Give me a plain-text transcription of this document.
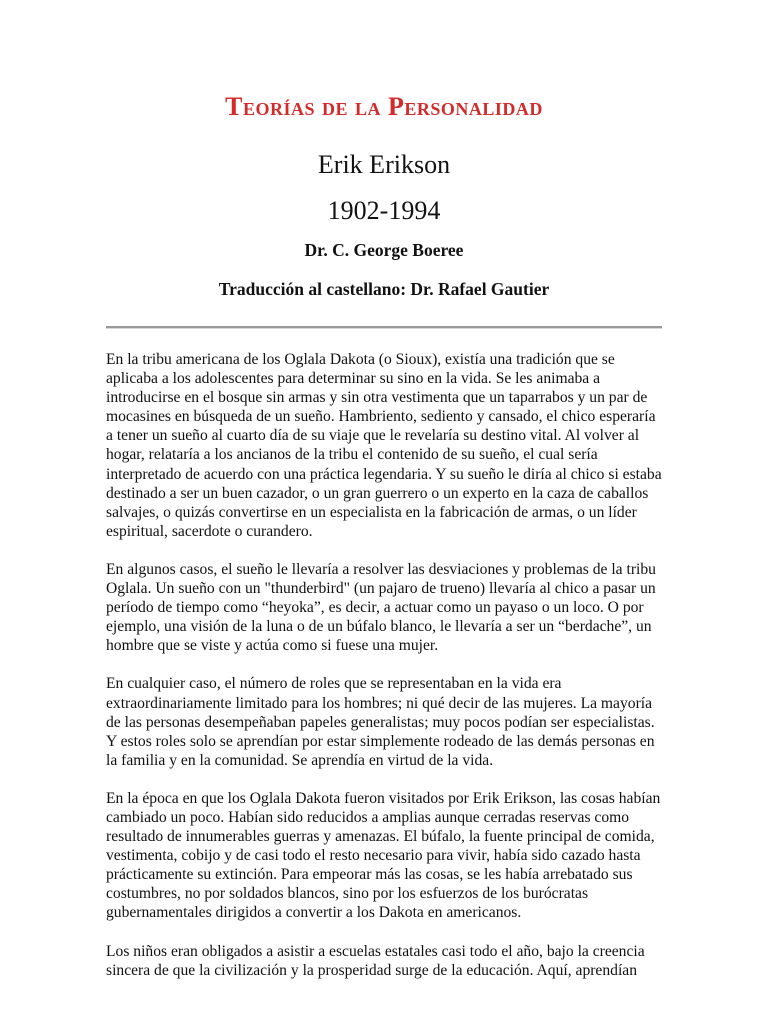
Teorías de la Personalidad
Erik Erikson
1902-1994
Dr. C. George Boeree
Traducción al castellano: Dr. Rafael Gautier

En la tribu americana de los Oglala Dakota (o Sioux), existía una tradición que se aplicaba a los adolescentes para determinar su sino en la vida. Se les animaba a introducirse en el bosque sin armas y sin otra vestimenta que un taparrabos y un par de mocasines en búsqueda de un sueño. Hambriento, sediento y cansado, el chico esperaría a tener un sueño al cuarto día de su viaje que le revelaría su destino vital. Al volver al hogar, relataría a los ancianos de la tribu el contenido de su sueño, el cual sería interpretado de acuerdo con una práctica legendaria. Y su sueño le diría al chico si estaba destinado a ser un buen cazador, o un gran guerrero o un experto en la caza de caballos salvajes, o quizás convertirse en un especialista en la fabricación de armas, o un líder espiritual, sacerdote o curandero.

En algunos casos, el sueño le llevaría a resolver las desviaciones y problemas de la tribu Oglala. Un sueño con un "thunderbird" (un pajaro de trueno) llevaría al chico a pasar un período de tiempo como “heyoka”, es decir, a actuar como un payaso o un loco. O por ejemplo, una visión de la luna o de un búfalo blanco, le llevaría a ser un “berdache”, un hombre que se viste y actúa como si fuese una mujer.

En cualquier caso, el número de roles que se representaban en la vida era extraordinariamente limitado para los hombres; ni qué decir de las mujeres. La mayoría de las personas desempeñaban papeles generalistas; muy pocos podían ser especialistas. Y estos roles solo se aprendían por estar simplemente rodeado de las demás personas en la familia y en la comunidad. Se aprendía en virtud de la vida.

En la época en que los Oglala Dakota fueron visitados por Erik Erikson, las cosas habían cambiado un poco. Habían sido reducidos a amplias aunque cerradas reservas como resultado de innumerables guerras y amenazas. El búfalo, la fuente principal de comida, vestimenta, cobijo y de casi todo el resto necesario para vivir, había sido cazado hasta prácticamente su extinción. Para empeorar más las cosas, se les había arrebatado sus costumbres, no por soldados blancos, sino por los esfuerzos de los burócratas gubernamentales dirigidos a convertir a los Dakota en americanos.

Los niños eran obligados a asistir a escuelas estatales casi todo el año, bajo la creencia sincera de que la civilización y la prosperidad surge de la educación. Aquí, aprendían
